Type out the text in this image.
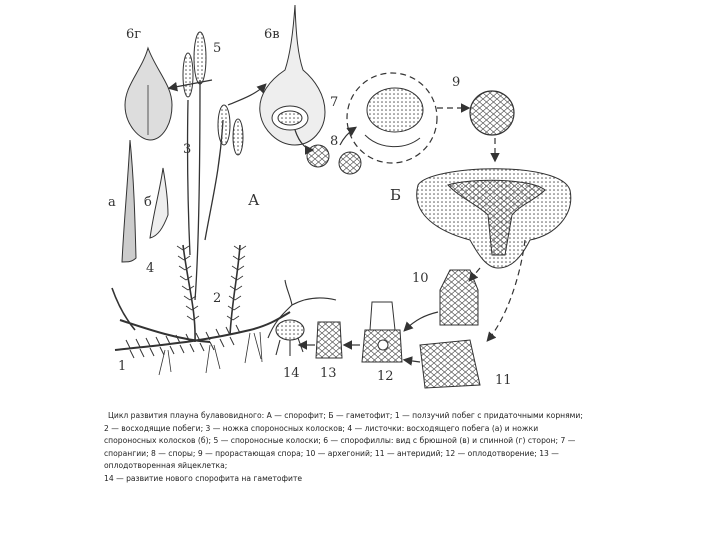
6г
5
6в
7
8
9
3
А	Б
а б
4
2
1
10
11
12
13
14

Цикл развития плауна булавовидного: А — спорофит; Б — гаметофит; 1 — ползучий побег с придаточными корнями;

2 — восходящие побеги; 3 — ножка спороносных колосков; 4 — листочки: восходящего побега (а) и ножки

спороносных колосков (б); 5 — спороносные колоски; 6 — спорофиллы: вид с брюшной (в) и спинной (г) сторон; 7 —

спорангии; 8 — споры; 9 — прорастающая спора; 10 — архегоний; 11 — антеридий; 12 — оплодотворение; 13 —

оплодотворенная яйцеклетка;

14 — развитие нового спорофита на гаметофите
